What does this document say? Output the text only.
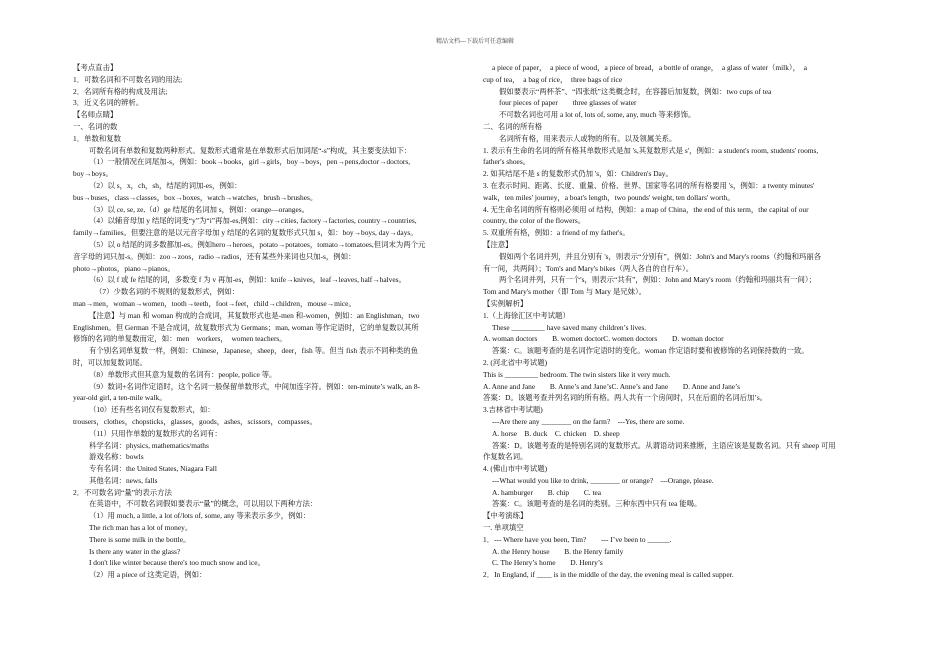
精品文档---下载后可任意编辑
【考点直击】
1．可数名词和不可数名词的用法;
2．名词所有格的构成及用法;
3．近义名词的辨析。
【名师点睛】
一、名词的数
1．单数和复数
可数名词有单数和复数两种形式。复数形式通常是在单数形式后加词尾“-s”构成，其主要变法如下：
（1）一般情况在词尾加-s，例如：book→books，girl→girls，boy→boys，pen→pens,doctor→doctors,
boy→boys。
（2）以 s，x，ch，sh，结尾的词加-es，例如：
bus→buses，class→classes，box→boxes，watch→watches，brush→brushes。
（3）以 ce, se, ze,（d）ge 结尾的名词加 s，例如：orange—oranges。
（4）以辅音母加 y 结尾的词变“y”为“i”再加-es,例如：city→cities, factory→factories, country→countries,
family→families。但要注意的是以元音字母加 y 结尾的名词的复数形式只加 s，如：boy→boys, day→days。
（5）以 o 结尾的词多数都加-es。例如hero→heroes，potato→potatoes，tomato→tomatoes,但词末为两个元
音字母的词只加-s。例如：zoo→zoos，radio→radios，还有某些外来词也只加-s，例如：
photo→photos，piano→pianos。
（6）以 f 或 fe 结尾的词，多数变 f 为 v 再加-es，例如：knife→knives，leaf→leaves, half→halves。
（7）少数名词的不规则的复数形式，例如：
man→men，woman→women，tooth→teeth，foot→feet，child→children，mouse→mice。
【注意】与 man 和 woman 构成的合成词，其复数形式也是-men 和-women，例如：an Englishman，two
Englishmen。但 German 不是合成词，故复数形式为 Germans；man, woman 等作定语时，它的单复数以其所
修饰的名词的单复数而定，如：men　workers，　women teachers。
有个别名词单复数一样，例如：Chinese，Japanese，sheep，deer，fish 等。但当 fish 表示不同种类的鱼
时，可以加复数词尾。
（8）单数形式但其意为复数的名词有：people, police 等。
（9）数词+名词作定语时，这个名词一般保留单数形式，中间加连字符。例如：ten-minute’s walk, an 8-
year-old girl, a ten-mile walk。
（10）还有些名词仅有复数形式，如：
trousers，clothes，chopsticks，glasses，goods，ashes，scissors，compasses。
（11）只用作单数的复数形式的名词有：
科学名词：physics, mathematics/maths
游戏名称：bowls
专有名词：the United States, Niagara Fall
其他名词：news, falls
2．不可数名词“量”的表示方法
在英语中，不可数名词假如要表示“量”的概念，可以用以下两种方法：
（1）用 much, a little, a lot of/lots of, some, any 等来表示多少，例如：
The rich man has a lot of money。
There is some milk in the bottle。
Is there any water in the glass?
I don't like winter because there's too much snow and ice。
（2）用 a piece of 这类定语，例如：
a piece of paper，　a piece of wood，a piece of bread，a bottle of orange，　a glass of water（milk），　a
cup of tea，　a bag of rice，　three bags of rice
假如要表示“两杯茶”、“四张纸”这类概念时，在容器后加复数，例如：two cups of tea
four pieces of paper　　three glasses of water
不可数名词也可用 a lot of, lots of, some, any, much 等来修饰。
二、名词的所有格
名词所有格，用来表示人或物的所有。以及领属关系。
1. 表示有生命的名词的所有格其单数形式是加 's,其复数形式是 s'，例如：a student's room, students' rooms,
father's shoes。
2. 如其结尾不是 s 的复数形式仍加 's，如：Children's Day。
3. 在表示时间、距离、长度、重量、价格、世界、国家等名词的所有格要用 's，例如：a twenty minutes'
walk，ten miles' journey，a boat's length，two pounds' weight, ten dollars' worth。
4. 无生命名词的所有格则必须用 of 结构，例如：a map of China，the end of this term，the capital of our
country, the color of the flowers。
5. 双重所有格，例如：a friend of my father's。
【注意】
假如两个名词并列，并且分别有 's，则表示“分别有”，例如：John's and Mary's rooms（约翰和玛丽各
有一间，共两间）；Tom's and Mary's bikes（两人各自的自行车）。
两个名词并列，只有一个's，则表示“共有”，例如：John and Mary's room（约翰和玛丽共有一间）；
Tom and Mary's mother（即 Tom 与 Mary 是兄妹）。
【实例解析】
1.（上海徐汇区中考试题）
These _________ have saved many children’s lives.
A. woman doctors　　B. women doctorC. women doctors　　D. woman doctor
答案：C。该题考查的是名词作定语时的变化。woman 作定语时要和被修饰的名词保持数的一致。
2. (河北省中考试题)
This is _________ bedroom. The twin sisters like it very much.
A. Anne and Jane　　B. Anne’s and Jane’sC. Anne’s and Jane　　D. Anne and Jane’s
答案：D。该题考查并列名词的所有格。两人共有一个房间时，只在后面的名词后加’s。
3.吉林省中考试题)
---Are there any ________ on the farm?　---Yes, there are some.
A. horse　B. duck　C. chicken　D. sheep
答案：D。该题考查的是特别名词的复数形式。从谓语动词来推断，主语应该是复数名词。只有 sheep 可用
作复数名词。
4. (佛山市中考试题)
---What would you like to drink, ________ or orange?　---Orange, please.
A. hamburger　　B. chip　　C. tea
答案：C。该题考查的是名词的类别。三种东西中只有 tea 能喝。
【中考演练】
一. 单项填空
1．--- Where have you been, Tim?　　--- I’ve been to ______.
A. the Henry house　　B. the Henry family
C. The Henry’s home　　D. Henry’s
2．In England, if ____ is in the middle of the day, the evening meal is called supper.
